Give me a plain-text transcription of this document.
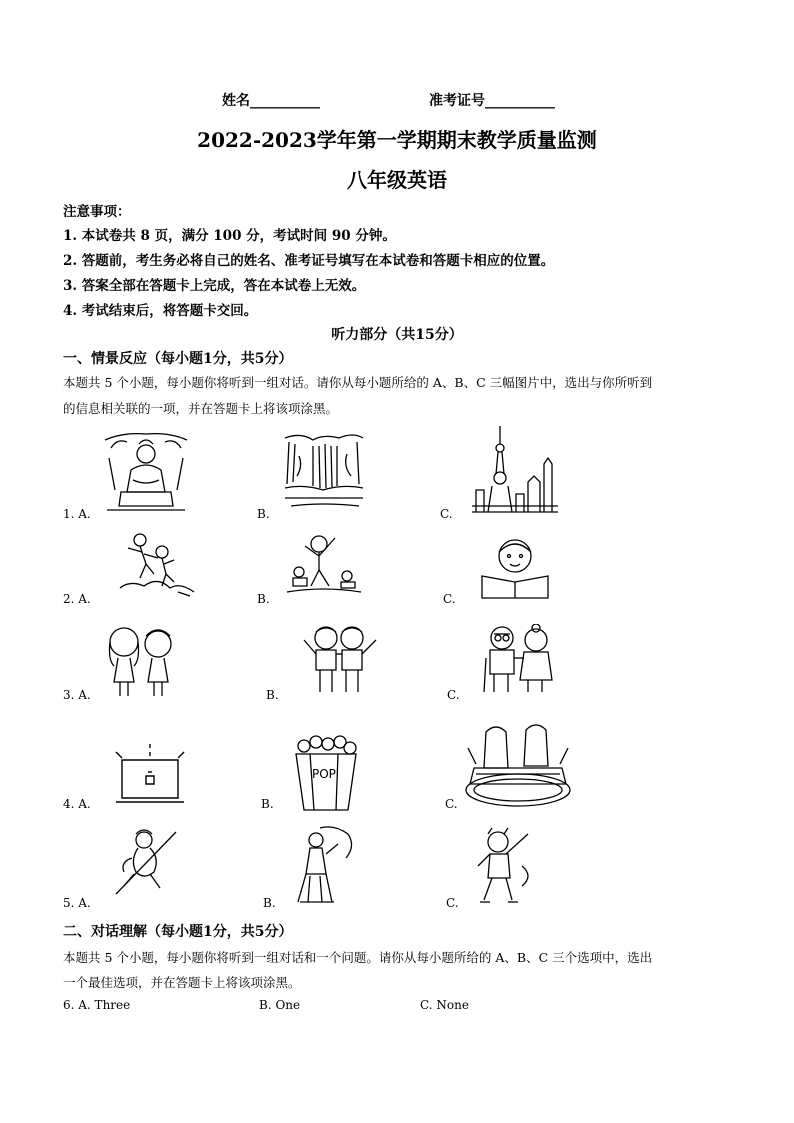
姓名__________	准考证号__________
2022-2023学年第一学期期末教学质量监测
八年级英语
注意事项：
1. 本试卷共 8 页，满分 100 分，考试时间 90 分钟。
2. 答题前，考生务必将自己的姓名、准考证号填写在本试卷和答题卡相应的位置。
3. 答案全部在答题卡上完成，答在本试卷上无效。
4. 考试结束后，将答题卡交回。
听力部分（共15分）
一、情景反应（每小题1分，共5分）
本题共 5 个小题，每小题你将听到一组对话。请你从每小题所给的 A、B、C 三幅图片中，选出与你所听到
的信息相关联的一项，并在答题卡上将该项涂黑。
1. A.	B.	C.
2. A.	B.	C.
3. A.	B.	C.
4. A.	B.	C.
POP
5. A.	B.	C.
二、对话理解（每小题1分，共5分）
本题共 5 个小题，每小题你将听到一组对话和一个问题。请你从每小题所给的 A、B、C 三个选项中，选出
一个最佳选项，并在答题卡上将该项涂黑。
6. A. Three	B. One	C. None
